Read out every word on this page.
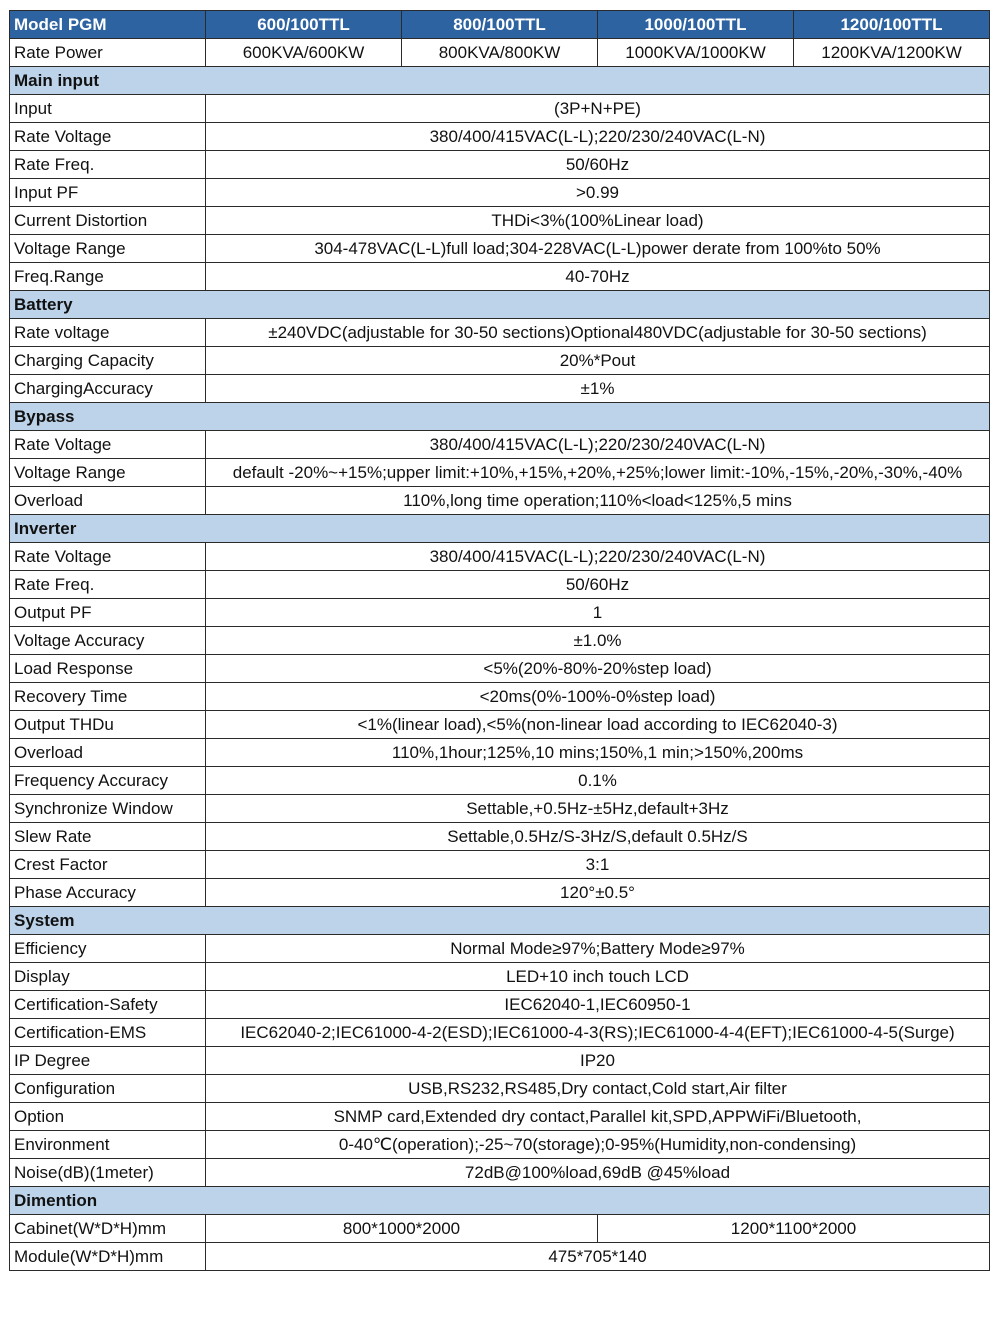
Model PGM	600/100TTL	800/100TTL	1000/100TTL	1200/100TTL
Rate Power	600KVA/600KW	800KVA/800KW	1000KVA/1000KW	1200KVA/1200KW
Main input				
Input	(3P+N+PE)			
Rate Voltage	380/400/415VAC(L-L);220/230/240VAC(L-N)			
Rate Freq.	50/60Hz			
Input PF	>0.99			
Current Distortion	THDi<3%(100%Linear load)			
Voltage Range	304-478VAC(L-L)full load;304-228VAC(L-L)power derate from 100%to 50%			
Freq.Range	40-70Hz			
Battery				
Rate voltage	±240VDC(adjustable for 30-50 sections)Optional480VDC(adjustable for 30-50 sections)			
Charging Capacity	20%*Pout			
ChargingAccuracy	±1%			
Bypass				
Rate Voltage	380/400/415VAC(L-L);220/230/240VAC(L-N)			
Voltage Range	default -20%~+15%;upper limit:+10%,+15%,+20%,+25%;lower limit:-10%,-15%,-20%,-30%,-40%			
Overload	110%,long time operation;110%<load<125%,5 mins			
Inverter				
Rate Voltage	380/400/415VAC(L-L);220/230/240VAC(L-N)			
Rate Freq.	50/60Hz			
Output PF	1			
Voltage Accuracy	±1.0%			
Load Response	<5%(20%-80%-20%step load)			
Recovery Time	<20ms(0%-100%-0%step load)			
Output THDu	<1%(linear load),<5%(non-linear load according to IEC62040-3)			
Overload	110%,1hour;125%,10 mins;150%,1 min;>150%,200ms			
Frequency Accuracy	0.1%			
Synchronize Window	Settable,+0.5Hz-±5Hz,default+3Hz			
Slew Rate	Settable,0.5Hz/S-3Hz/S,default 0.5Hz/S			
Crest Factor	3:1			
Phase Accuracy	120°±0.5°			
System				
Efficiency	Normal Mode≥97%;Battery Mode≥97%			
Display	LED+10 inch touch LCD			
Certification-Safety	IEC62040-1,IEC60950-1			
Certification-EMS	IEC62040-2;IEC61000-4-2(ESD);IEC61000-4-3(RS);IEC61000-4-4(EFT);IEC61000-4-5(Surge)			
IP Degree	IP20			
Configuration	USB,RS232,RS485,Dry contact,Cold start,Air filter			
Option	SNMP card,Extended dry contact,Parallel kit,SPD,APPWiFi/Bluetooth,			
Environment	0-40℃(operation);-25~70(storage);0-95%(Humidity,non-condensing)			
Noise(dB)(1meter)	72dB@100%load,69dB @45%load			
Dimention				
Cabinet(W*D*H)mm	800*1000*2000		1200*1100*2000	
Module(W*D*H)mm	475*705*140			
